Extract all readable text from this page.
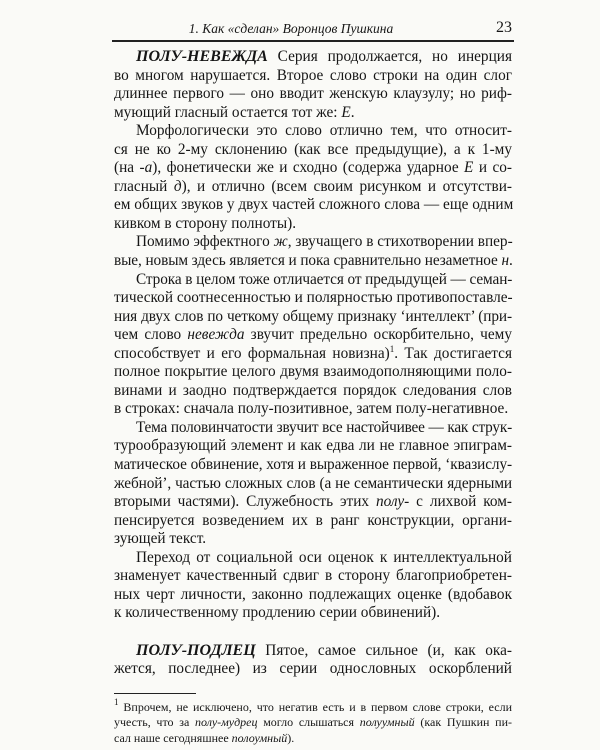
1. Как «сделан» Воронцов Пушкина	23
ПОЛУ-НЕВЕЖДА Серия продолжается, но инерция
во многом нарушается. Второе слово строки на один слог
длиннее первого — оно вводит женскую клаузулу; но риф-
мующий гласный остается тот же: Е.
Морфологически это слово отлично тем, что относит-
ся не ко 2-му склонению (как все предыдущие), а к 1-му
(на -а), фонетически же и сходно (содержа ударное Е и со-
гласный д), и отлично (всем своим рисунком и отсутстви-
ем общих звуков у двух частей сложного слова — еще одним
кивком в сторону полноты).
Помимо эффектного ж, звучащего в стихотворении впер-
вые, новым здесь является и пока сравнительно незаметное н.
Строка в целом тоже отличается от предыдущей — семан-
тической соотнесенностью и полярностью противопоставле-
ния двух слов по четкому общему признаку ‘интеллект’ (при-
чем слово невежда звучит предельно оскорбительно, чему
способствует и его формальная новизна)$^1$. Так достигается
полное покрытие целого двумя взаимодополняющими поло-
винами и заодно подтверждается порядок следования слов
в строках: сначала полу-позитивное, затем полу-негативное.
Тема половинчатости звучит все настойчивее — как струк-
турообразующий элемент и как едва ли не главное эпиграм-
матическое обвинение, хотя и выраженное первой, ‘квазислу-
жебной’, частью сложных слов (а не семантически ядерными
вторыми частями). Служебность этих полу- с лихвой ком-
пенсируется возведением их в ранг конструкции, органи-
зующей текст.
Переход от социальной оси оценок к интеллектуальной
знаменует качественный сдвиг в сторону благоприобретен-
ных черт личности, законно подлежащих оценке (вдобавок
к количественному продлению серии обвинений).
ПОЛУ-ПОДЛЕЦ Пятое, самое сильное (и, как ока-
жется, последнее) из серии однословных оскорблений
$^1$ Впрочем, не исключено, что негатив есть и в первом слове строки, если
учесть, что за полу-мудрец могло слышаться полуумный (как Пушкин пи-
сал наше сегодняшнее полоумный).
